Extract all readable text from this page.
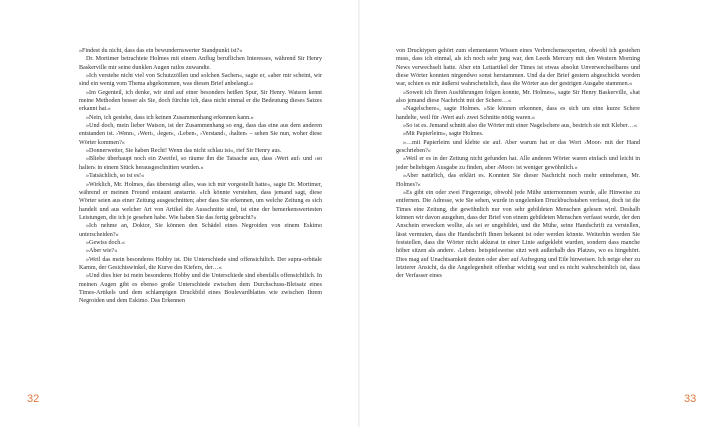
»Findest du nicht, dass das ein bewundernswerter Standpunkt ist?«

Dr. Mortimer betrachtete Holmes mit einem Anflug beruflichen Interesses, während Sir Henry Baskerville mir seine dunklen Augen ratlos zuwandte.

»Ich verstehe nicht viel von Schutzzöllen und solchen Sachen«, sagte er, »aber mir scheint, wir sind ein wenig vom Thema abgekommen, was diesen Brief anbelangt.«

»Im Gegenteil, ich denke, wir sind auf einer besonders heißen Spur, Sir Henry. Watson kennt meine Methoden besser als Sie, doch fürchte ich, dass nicht einmal er die Bedeutung dieses Satzes erkannt hat.«

»Nein, ich gestehe, dass ich keinen Zusammenhang erkennen kann.«

»Und doch, mein lieber Watson, ist der Zusammenhang so eng, dass das eine aus dem anderen entstanden ist. ›Wenn‹, ›Wert‹, ›legen‹, ›Leben‹, ›Verstand‹, ›halten‹ – sehen Sie nun, woher diese Wörter kommen?«

»Donnerwetter, Sie haben Recht! Wenn das nicht schlau ist«, rief Sir Henry aus.

»Bliebe überhaupt noch ein Zweifel, so räume ihn die Tatsache aus, dass ›Wert auf‹ und ›so halten‹ in einem Stück herausgeschnitten wurden.«

»Tatsächlich, so ist es!«

»Wirklich, Mr. Holmes, das übersteigt alles, was ich mir vorgestellt hatte«, sagte Dr. Mortimer, während er meinen Freund erstaunt anstarrte. »Ich könnte verstehen, dass jemand sagt, diese Wörter seien aus einer Zeitung ausgeschnitten; aber dass Sie erkennen, um welche Zeitung es sich handelt und aus welcher Art von Artikel die Ausschnitte sind, ist eine der bemerkenswertesten Leistungen, die ich je gesehen habe. Wie haben Sie das fertig gebracht?«

»Ich nehme an, Doktor, Sie können den Schädel eines Negroiden von einem Eskimo unterscheiden?«

»Gewiss doch.«

»Aber wie?«

»Weil das mein besonderes Hobby ist. Die Unterschiede sind offensichtlich. Der supra-orbitale Kamm, der Gesichtswinkel, die Kurve des Kiefers, der…«

»Und dies hier ist mein besonderes Hobby und die Unterschiede sind ebenfalls offensichtlich. In meinen Augen gibt es ebenso große Unterschiede zwischen dem Durchschuss-Bleisatz eines Times-Artikels und dem schlampigen Druckbild eines Boulevardblattes wie zwischen Ihrem Negroiden und dem Eskimo. Das Erkennen

32

von Drucktypen gehört zum elementaren Wissen eines Verbrechensexperten, obwohl ich gestehen muss, dass ich einmal, als ich noch sehr jung war, den Leeds Mercury mit den Western Morning News verwechselt hatte. Aber ein Leitartikel der Times ist etwas absolut Unverwechselbares und diese Wörter konnten nirgendwo sonst herstammen. Und da der Brief gestern abgeschickt worden war, schien es mir äußerst wahrscheinlich, dass die Wörter aus der gestrigen Ausgabe stammen.«

»Soweit ich Ihren Ausführungen folgen konnte, Mr. Holmes«, sagte Sir Henry Baskerville, »hat also jemand diese Nachricht mit der Schere…«

»Nagelschere«, sagte Holmes. »Sie können erkennen, dass es sich um eine kurze Schere handelte, weil für ›Wert auf‹ zwei Schnitte nötig waren.«

»So ist es. Jemand schnitt also die Wörter mit einer Nagelschere aus, bestrich sie mit Kleber…«

»Mit Papierleim«, sagte Holmes.

»…mit Papierleim und klebte sie auf. Aber warum hat er das Wort ›Moor‹ mit der Hand geschrieben?«

»Weil er es in der Zeitung nicht gefunden hat. Alle anderen Wörter waren einfach und leicht in jeder beliebigen Ausgabe zu finden, aber ›Moor‹ ist weniger gewöhnlich.«

»Aber natürlich, das erklärt es. Konnten Sie dieser Nachricht noch mehr entnehmen, Mr. Holmes?«

»Es gibt ein oder zwei Fingerzeige, obwohl jede Mühe unternommen wurde, alle Hinweise zu entfernen. Die Adresse, wie Sie sehen, wurde in ungelenken Druckbuchstaben verfasst, doch ist die Times eine Zeitung, die gewöhnlich nur von sehr gebildeten Menschen gelesen wird. Deshalb können wir davon ausgehen, dass der Brief von einem gebildeten Menschen verfasst wurde, der den Anschein erwecken wollte, als sei er ungebildet, und die Mühe, seine Handschrift zu verstellen, lässt vermuten, dass die Handschrift Ihnen bekannt ist oder werden könnte. Weiterhin werden Sie feststellen, dass die Wörter nicht akkurat in einer Linie aufgeklebt wurden, sondern dass manche höher sitzen als andere. ›Leben‹ beispielsweise sitzt weit außerhalb des Platzes, wo es hingehört. Dies mag auf Unachtsamkeit deuten oder aber auf Aufregung und Eile hinweisen. Ich neige eher zu letzterer Ansicht, da die Angelegenheit offenbar wichtig war und es nicht wahrscheinlich ist, dass der Verfasser eines

33
